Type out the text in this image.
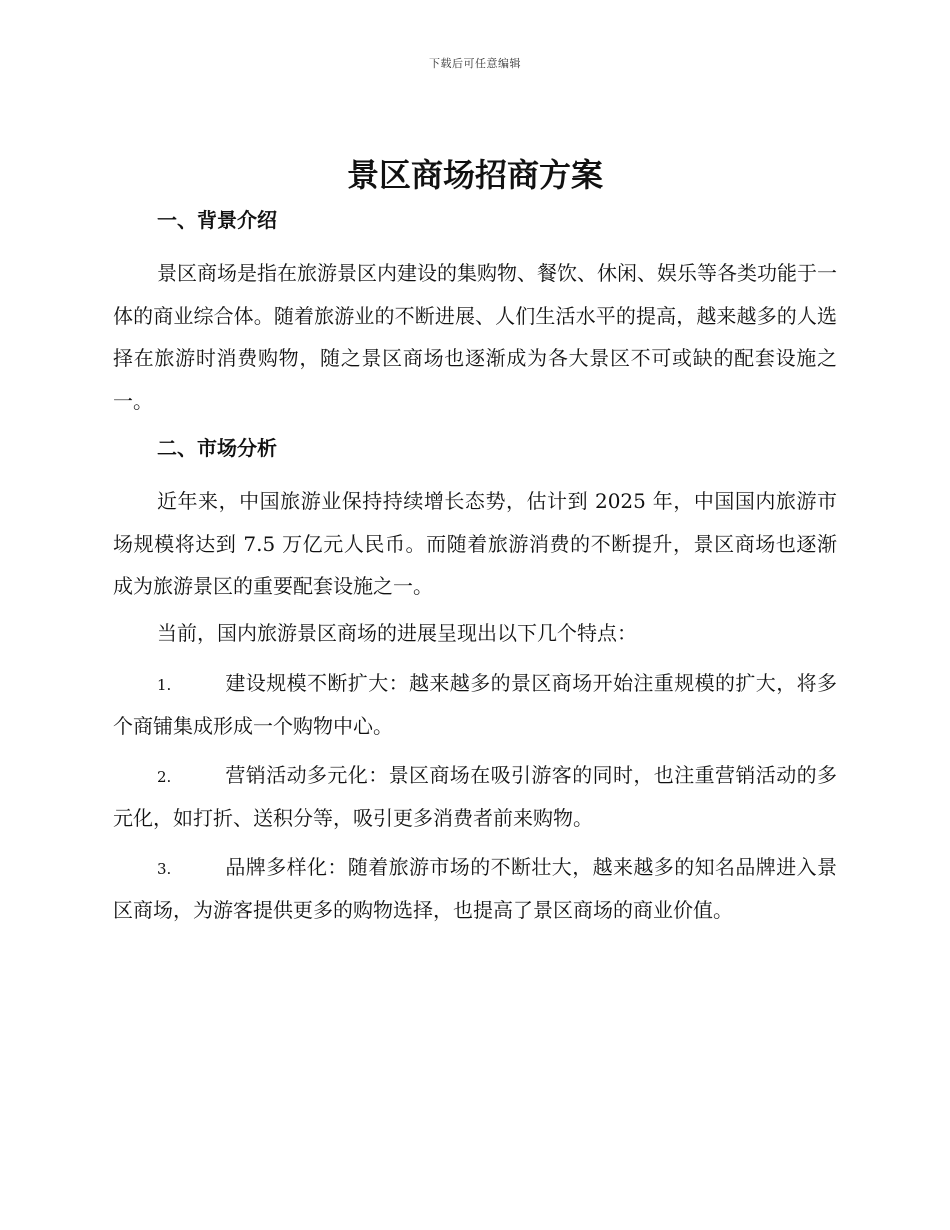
下载后可任意编辑
景区商场招商方案
一、背景介绍

景区商场是指在旅游景区内建设的集购物、餐饮、休闲、娱乐等各类功能于一体的商业综合体。随着旅游业的不断进展、人们生活水平的提高，越来越多的人选择在旅游时消费购物，随之景区商场也逐渐成为各大景区不可或缺的配套设施之一。

二、市场分析

近年来，中国旅游业保持持续增长态势，估计到 2025 年，中国国内旅游市场规模将达到 7.5 万亿元人民币。而随着旅游消费的不断提升，景区商场也逐渐成为旅游景区的重要配套设施之一。

当前，国内旅游景区商场的进展呈现出以下几个特点：

1.	建设规模不断扩大：越来越多的景区商场开始注重规模的扩大，将多个商铺集成形成一个购物中心。
2.	营销活动多元化：景区商场在吸引游客的同时，也注重营销活动的多元化，如打折、送积分等，吸引更多消费者前来购物。
3.	品牌多样化：随着旅游市场的不断壮大，越来越多的知名品牌进入景区商场，为游客提供更多的购物选择，也提高了景区商场的商业价值。
